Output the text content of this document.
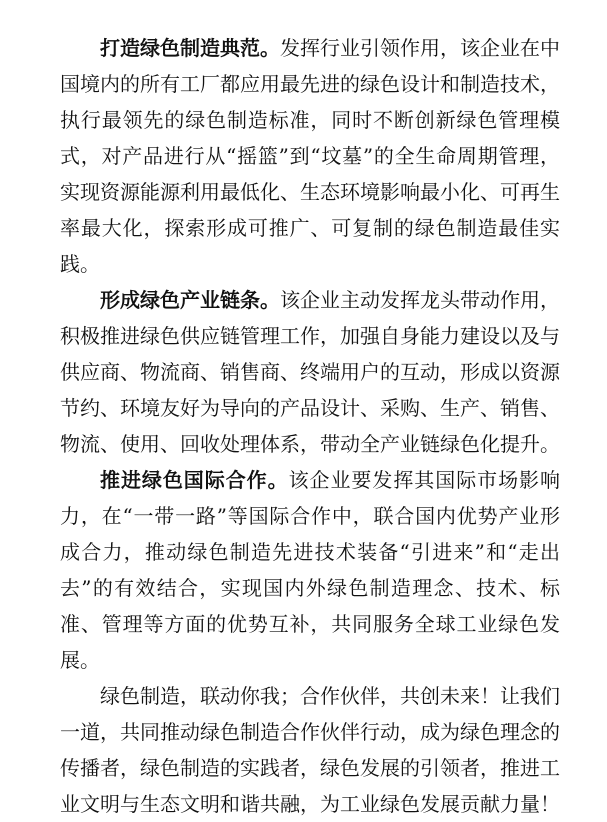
打造绿色制造典范。发挥行业引领作用，该企业在中国境内的所有工厂都应用最先进的绿色设计和制造技术，执行最领先的绿色制造标准，同时不断创新绿色管理模式，对产品进行从“摇篮”到“坟墓”的全生命周期管理，实现资源能源利用最低化、生态环境影响最小化、可再生率最大化，探索形成可推广、可复制的绿色制造最佳实践。

形成绿色产业链条。该企业主动发挥龙头带动作用，积极推进绿色供应链管理工作，加强自身能力建设以及与供应商、物流商、销售商、终端用户的互动，形成以资源节约、环境友好为导向的产品设计、采购、生产、销售、物流、使用、回收处理体系，带动全产业链绿色化提升。

推进绿色国际合作。该企业要发挥其国际市场影响力，在“一带一路”等国际合作中，联合国内优势产业形成合力，推动绿色制造先进技术装备“引进来”和“走出去”的有效结合，实现国内外绿色制造理念、技术、标准、管理等方面的优势互补，共同服务全球工业绿色发展。

绿色制造，联动你我；合作伙伴，共创未来！让我们一道，共同推动绿色制造合作伙伴行动，成为绿色理念的传播者，绿色制造的实践者，绿色发展的引领者，推进工业文明与生态文明和谐共融，为工业绿色发展贡献力量！
